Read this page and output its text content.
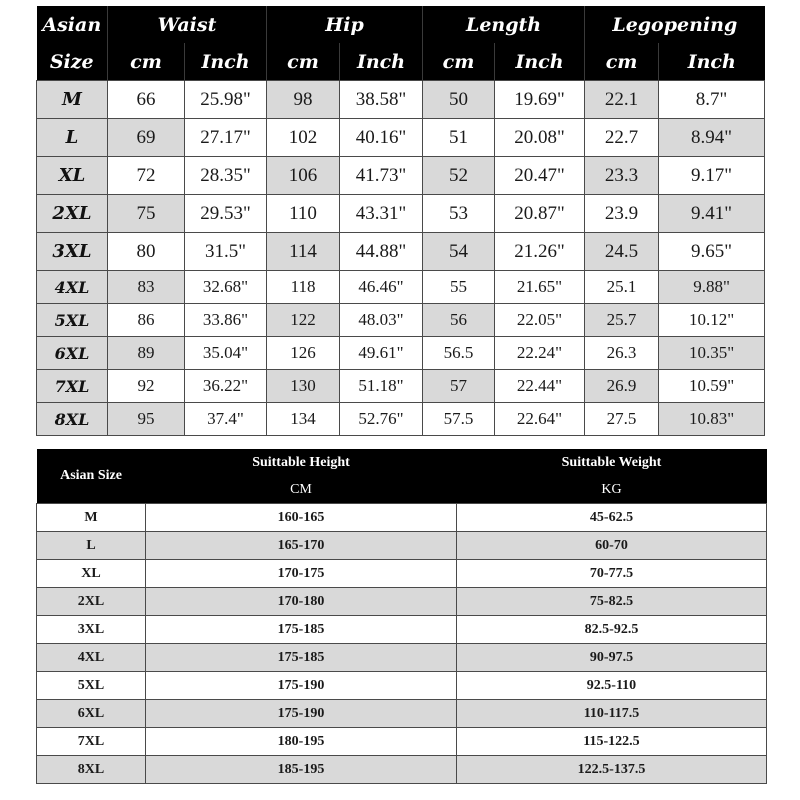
Asian	Waist		Hip		Length		Legopening	
Size	cm	Inch	cm	Inch	cm	Inch	cm	Inch
M	66	25.98"	98	38.58"	50	19.69"	22.1	8.7"
L	69	27.17"	102	40.16"	51	20.08"	22.7	8.94"
XL	72	28.35"	106	41.73"	52	20.47"	23.3	9.17"
2XL	75	29.53"	110	43.31"	53	20.87"	23.9	9.41"
3XL	80	31.5"	114	44.88"	54	21.26"	24.5	9.65"
4XL	83	32.68"	118	46.46"	55	21.65"	25.1	9.88"
5XL	86	33.86"	122	48.03"	56	22.05"	25.7	10.12"
6XL	89	35.04"	126	49.61"	56.5	22.24"	26.3	10.35"
7XL	92	36.22"	130	51.18"	57	22.44"	26.9	10.59"
8XL	95	37.4"	134	52.76"	57.5	22.64"	27.5	10.83"
Asian Size	Suittable Height	Suittable Weight
	CM	KG
M	160-165	45-62.5
L	165-170	60-70
XL	170-175	70-77.5
2XL	170-180	75-82.5
3XL	175-185	82.5-92.5
4XL	175-185	90-97.5
5XL	175-190	92.5-110
6XL	175-190	110-117.5
7XL	180-195	115-122.5
8XL	185-195	122.5-137.5
